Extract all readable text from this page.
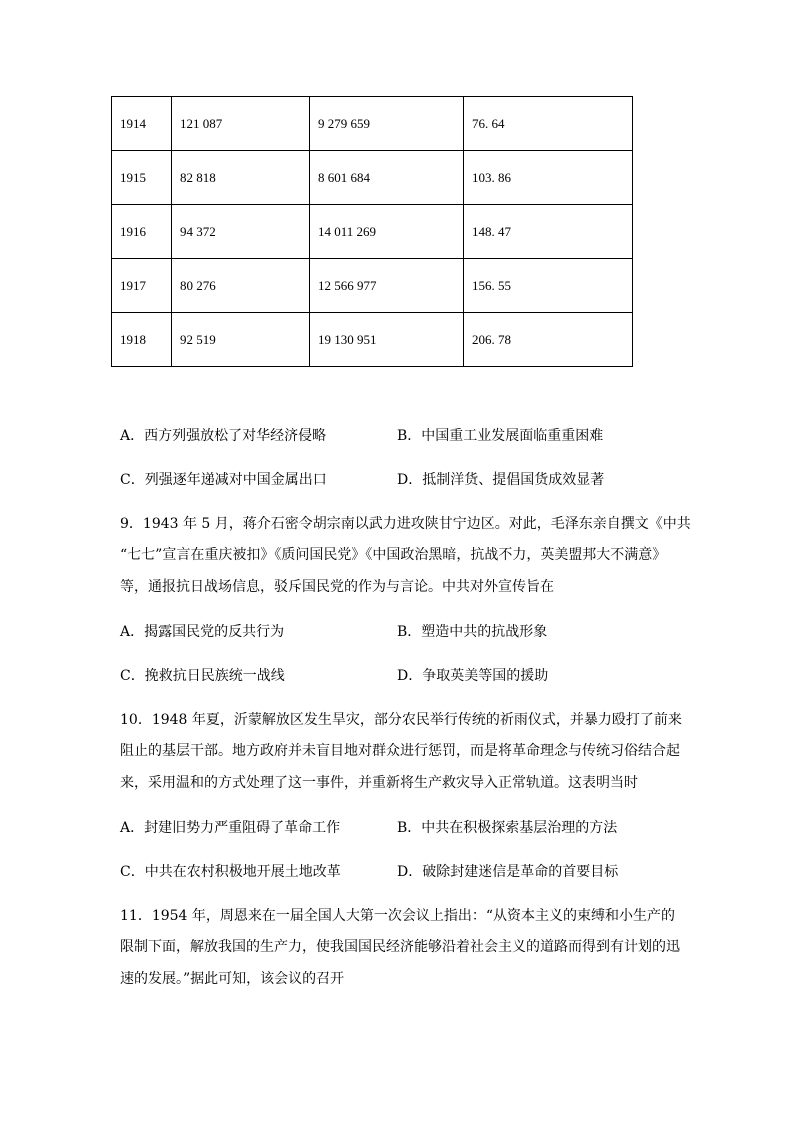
1914	121 087	9 279 659	76. 64
1915	82 818	8 601 684	103. 86
1916	94 372	14 011 269	148. 47
1917	80 276	12 566 977	156. 55
1918	92 519	19 130 951	206. 78
A．西方列强放松了对华经济侵略	B．中国重工业发展面临重重困难
C．列强逐年递减对中国金属出口	D．抵制洋货、提倡国货成效显著
9．1943 年 5 月，蒋介石密令胡宗南以武力进攻陕甘宁边区。对此，毛泽东亲自撰文《中共
“七七”宣言在重庆被扣》《质问国民党》《中国政治黑暗，抗战不力，英美盟邦大不满意》
等，通报抗日战场信息，驳斥国民党的作为与言论。中共对外宣传旨在
A．揭露国民党的反共行为	B．塑造中共的抗战形象
C．挽救抗日民族统一战线	D．争取英美等国的援助
10．1948 年夏，沂蒙解放区发生旱灾，部分农民举行传统的祈雨仪式，并暴力殴打了前来
阻止的基层干部。地方政府并未盲目地对群众进行惩罚，而是将革命理念与传统习俗结合起
来，采用温和的方式处理了这一事件，并重新将生产救灾导入正常轨道。这表明当时
A．封建旧势力严重阻碍了革命工作	B．中共在积极探索基层治理的方法
C．中共在农村积极地开展土地改革	D．破除封建迷信是革命的首要目标
11．1954 年，周恩来在一届全国人大第一次会议上指出：“从资本主义的束缚和小生产的
限制下面，解放我国的生产力，使我国国民经济能够沿着社会主义的道路而得到有计划的迅
速的发展。”据此可知，该会议的召开
